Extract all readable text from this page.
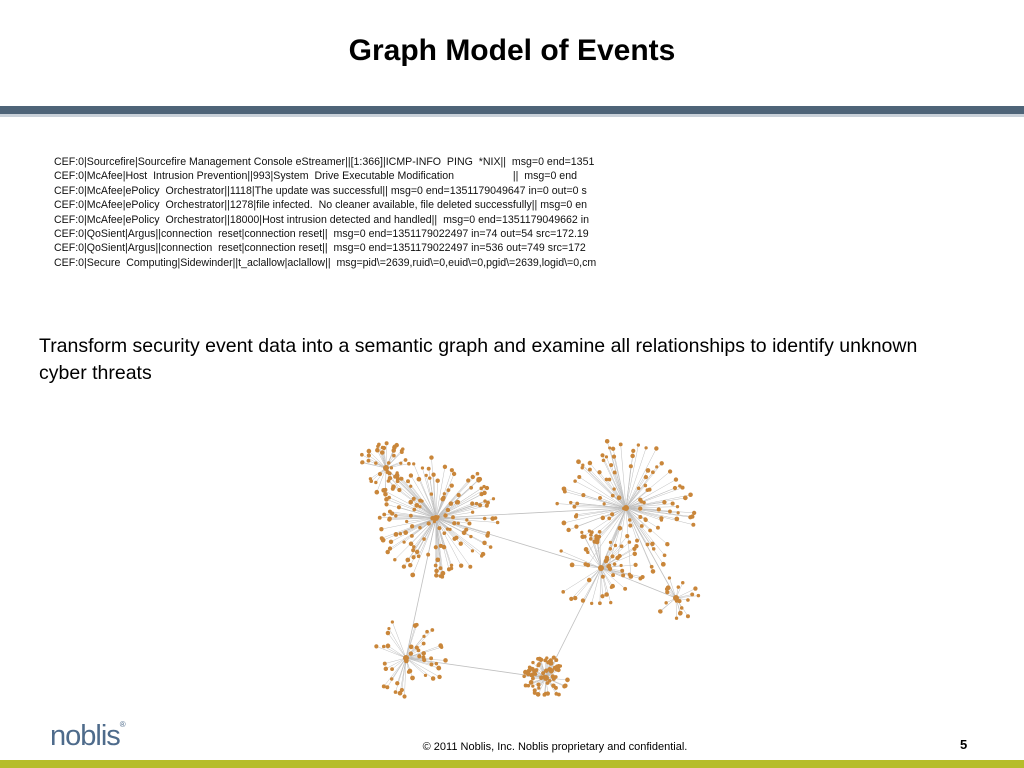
Graph Model of Events
CEF:0|Sourcefire|Sourcefire Management Console eStreamer||[1:366]|ICMP-INFO  PING  *NIX||  msg=0 end=1351
CEF:0|McAfee|Host  Intrusion Prevention||993|System  Drive Executable Modification                    ||  msg=0 end
CEF:0|McAfee|ePolicy  Orchestrator||1118|The update was successful|| msg=0 end=1351179049647 in=0 out=0 s
CEF:0|McAfee|ePolicy  Orchestrator||1278|file infected.  No cleaner available, file deleted successfully|| msg=0 en
CEF:0|McAfee|ePolicy  Orchestrator||18000|Host intrusion detected and handled||  msg=0 end=1351179049662 in
CEF:0|QoSient|Argus||connection  reset|connection reset||  msg=0 end=1351179022497 in=74 out=54 src=172.19
CEF:0|QoSient|Argus||connection  reset|connection reset||  msg=0 end=1351179022497 in=536 out=749 src=172
CEF:0|Secure  Computing|Sidewinder||t_aclallow|aclallow||  msg=pid\=2639,ruid\=0,euid\=0,pgid\=2639,logid\=0,cm
Transform security event data into a semantic graph and examine all relationships to identify unknown cyber threats
noblis®
© 2011 Noblis, Inc. Noblis proprietary and confidential.	5
